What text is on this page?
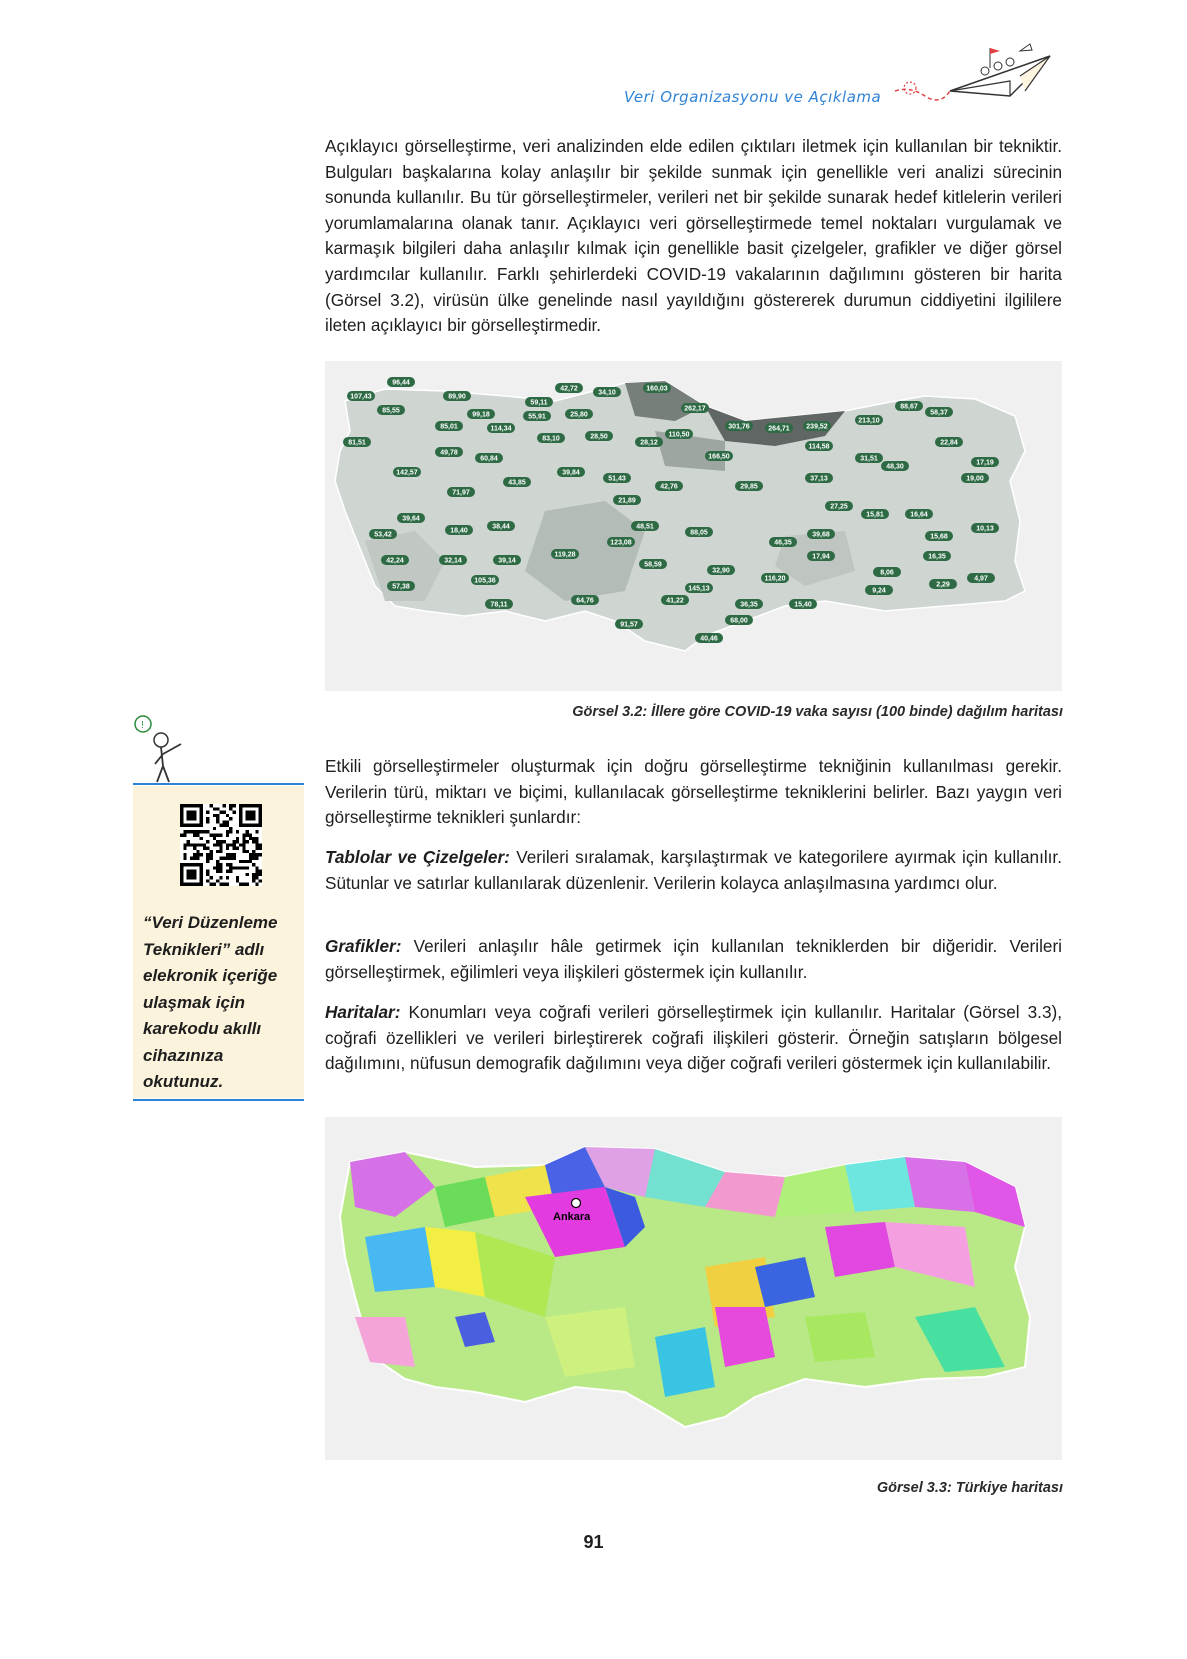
Veri Organizasyonu ve Açıklama
Açıklayıcı görselleştirme, veri analizinden elde edilen çıktıları iletmek için kullanılan bir tekniktir. Bulguları başkalarına kolay anlaşılır bir şekilde sunmak için genellikle veri analizi sürecinin sonunda kullanılır. Bu tür görselleştirmeler, verileri net bir şekilde sunarak hedef kitlelerin verileri yorumlamalarına olanak tanır. Açıklayıcı veri görselleştirmede temel noktaları vurgulamak ve karmaşık bilgileri daha anlaşılır kılmak için genellikle basit çizelgeler, grafikler ve diğer görsel yardımcılar kullanılır. Farklı şehirlerdeki COVID-19 vakalarının dağılımını gösteren bir harita (Görsel 3.2), virüsün ülke genelinde nasıl yayıldığını göstererek durumun ciddiyetini ilgililere ileten açıklayıcı bir görselleştirmedir.
96,44
107,43	89,90
42,72
34,10
160,03
85,55
59,11
262,17	88,67
58,37
99,18	55,91	25,80
213,10
85,01	114,34
83,10	28,50	110,50
301,76	264,71 239,52
81,51	28,12
114,58
22,84
49,78
60,84	166,50	31,51
17,19
48,30
142,57	39,84
51,43	37,13	19,00
71,97
43,85
42,76	29,85
21,89
27,25
39,64
15,81	16,64
53,42
18,40
38,44	48,51	10,13
123,08
88,05
46,35
39,68	15,68
119,28
42,24	32,14	39,14
58,59
17,94	16,35
105,36
32,90
116,20
8,06
4,97
57,38	145,13
2,29
78,11
64,76	41,22
36,35	15,40
9,24
91,57
68,00
40,46
Görsel 3.2: İllere göre COVID-19 vaka sayısı (100 binde) dağılım haritası
Etkili görselleştirmeler oluşturmak için doğru görselleştirme tekniğinin kullanılması gerekir. Verilerin türü, miktarı ve biçimi, kullanılacak görselleştirme tekniklerini belirler. Bazı yaygın veri görselleştirme teknikleri şunlardır:
Tablolar ve Çizelgeler: Verileri sıralamak, karşılaştırmak ve kategorilere ayırmak için kullanılır. Sütunlar ve satırlar kullanılarak düzenlenir. Verilerin kolayca anlaşılmasına yardımcı olur.
Grafikler: Verileri anlaşılır hâle getirmek için kullanılan tekniklerden bir diğeridir. Verileri görselleştirmek, eğilimleri veya ilişkileri göstermek için kullanılır.
Haritalar: Konumları veya coğrafi verileri görselleştirmek için kullanılır. Haritalar (Görsel 3.3), coğrafi özellikleri ve verileri birleştirerek coğrafi ilişkileri gösterir. Örneğin satışların bölgesel dağılımını, nüfusun demografik dağılımını veya diğer coğrafi verileri göstermek için kullanılabilir.
!
“Veri Düzenleme Teknikleri” adlı elekronik içeriğe ulaşmak için karekodu akıllı cihazınıza okutunuz.
Ankara
Görsel 3.3: Türkiye haritası
91
